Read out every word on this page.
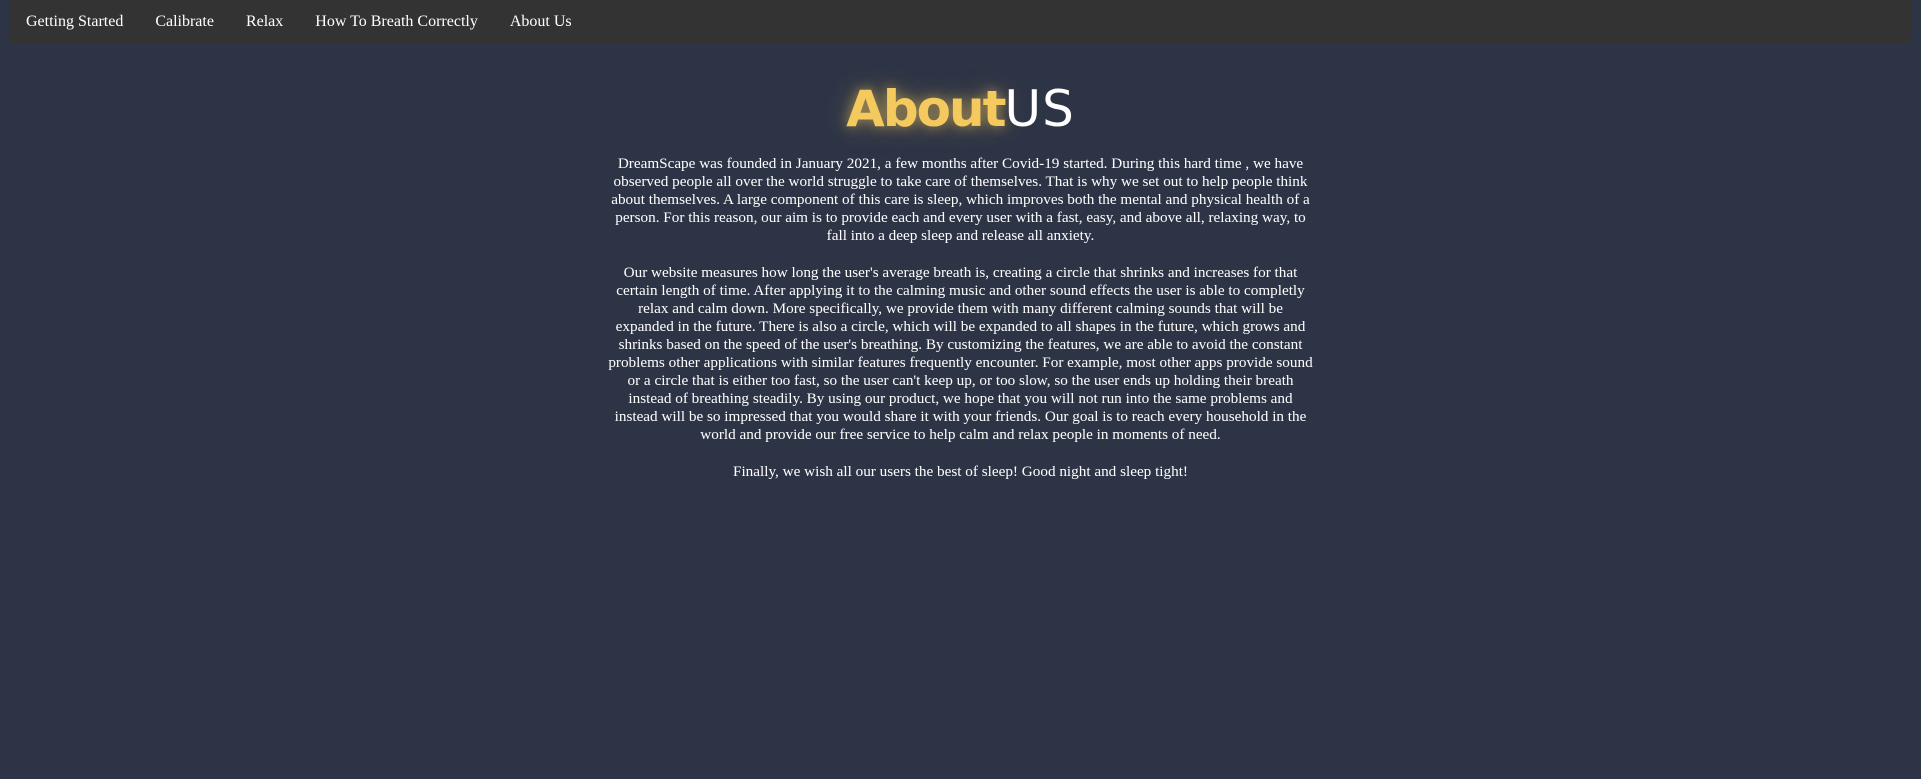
Getting Started	Calibrate	Relax	How To Breath Correctly	About Us
AboutUS

DreamScape was founded in January 2021, a few months after Covid-19 started. During this hard time , we have observed people all over the world struggle to take care of themselves. That is why we set out to help people think about themselves. A large component of this care is sleep, which improves both the mental and physical health of a person. For this reason, our aim is to provide each and every user with a fast, easy, and above all, relaxing way, to fall into a deep sleep and release all anxiety.

Our website measures how long the user's average breath is, creating a circle that shrinks and increases for that certain length of time. After applying it to the calming music and other sound effects the user is able to completly relax and calm down. More specifically, we provide them with many different calming sounds that will be expanded in the future. There is also a circle, which will be expanded to all shapes in the future, which grows and shrinks based on the speed of the user's breathing. By customizing the features, we are able to avoid the constant problems other applications with similar features frequently encounter. For example, most other apps provide sound or a circle that is either too fast, so the user can't keep up, or too slow, so the user ends up holding their breath instead of breathing steadily. By using our product, we hope that you will not run into the same problems and instead will be so impressed that you would share it with your friends. Our goal is to reach every household in the world and provide our free service to help calm and relax people in moments of need.

Finally, we wish all our users the best of sleep! Good night and sleep tight!
